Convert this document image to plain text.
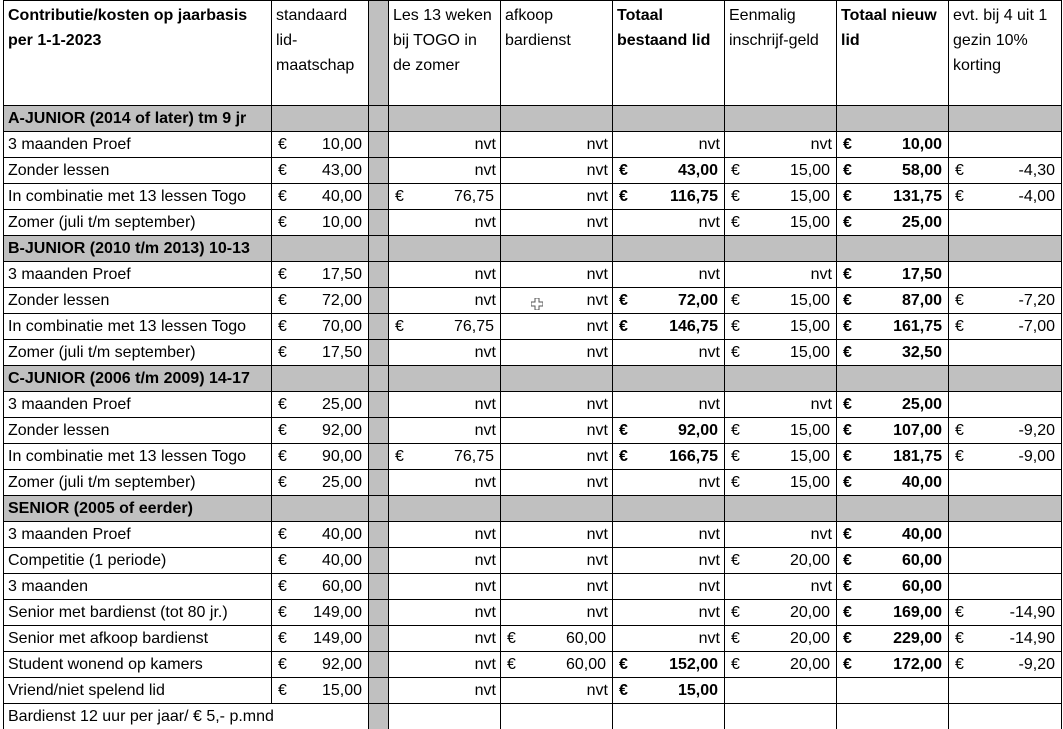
Contributie/kosten op jaarbasis per 1-1-2023	standaard lid-maatschap		Les 13 weken bij TOGO in de zomer	afkoop bardienst	Totaal bestaand lid	Eenmalig inschrijf-geld	Totaal nieuw lid	evt. bij 4 uit 1 gezin 10% korting
A-JUNIOR (2014 of later) tm 9 jr								
3 maanden Proef	€ 10,00		nvt	nvt	nvt	nvt	€ 10,00	

Zonder lessen	€ 43,00		nvt	nvt	€ 43,00	€ 15,00	€ 58,00	€ -4,30

In combinatie met 13 lessen Togo	€ 40,00		€ 76,75	nvt	€ 116,75	€ 15,00	€ 131,75	€ -4,00

Zomer (juli t/m september)	€ 10,00		nvt	nvt	nvt	€ 15,00	€ 25,00	

B-JUNIOR (2010 t/m 2013) 10-13								
3 maanden Proef	€ 17,50		nvt	nvt	nvt	nvt	€ 17,50	

Zonder lessen	€ 72,00		nvt	nvt	€ 72,00	€ 15,00	€ 87,00	€ -7,20

In combinatie met 13 lessen Togo	€ 70,00		€ 76,75	nvt	€ 146,75	€ 15,00	€ 161,75	€ -7,00

Zomer (juli t/m september)	€ 17,50		nvt	nvt	nvt	€ 15,00	€ 32,50	

C-JUNIOR (2006 t/m 2009) 14-17								
3 maanden Proef	€ 25,00		nvt	nvt	nvt	nvt	€ 25,00	

Zonder lessen	€ 92,00		nvt	nvt	€ 92,00	€ 15,00	€ 107,00	€ -9,20

In combinatie met 13 lessen Togo	€ 90,00		€ 76,75	nvt	€ 166,75	€ 15,00	€ 181,75	€ -9,00

Zomer (juli t/m september)	€ 25,00		nvt	nvt	nvt	€ 15,00	€ 40,00	

SENIOR (2005 of eerder)								
3 maanden Proef	€ 40,00		nvt	nvt	nvt	nvt	€ 40,00	

Competitie (1 periode)	€ 40,00		nvt	nvt	nvt	€ 20,00	€ 60,00	

3 maanden	€ 60,00		nvt	nvt	nvt	nvt	€ 60,00	

Senior met bardienst (tot 80 jr.)	€ 149,00		nvt	nvt	nvt	€ 20,00	€ 169,00	€ -14,90

Senior met afkoop bardienst	€ 149,00		nvt	€ 60,00	nvt	€ 20,00	€ 229,00	€ -14,90

Student wonend op kamers	€ 92,00		nvt	€ 60,00	€ 152,00	€ 20,00	€ 172,00	€ -9,20

Vriend/niet spelend lid	€ 15,00		nvt	nvt	€ 15,00			

Bardienst 12 uur per jaar/ € 5,- p.mnd								
